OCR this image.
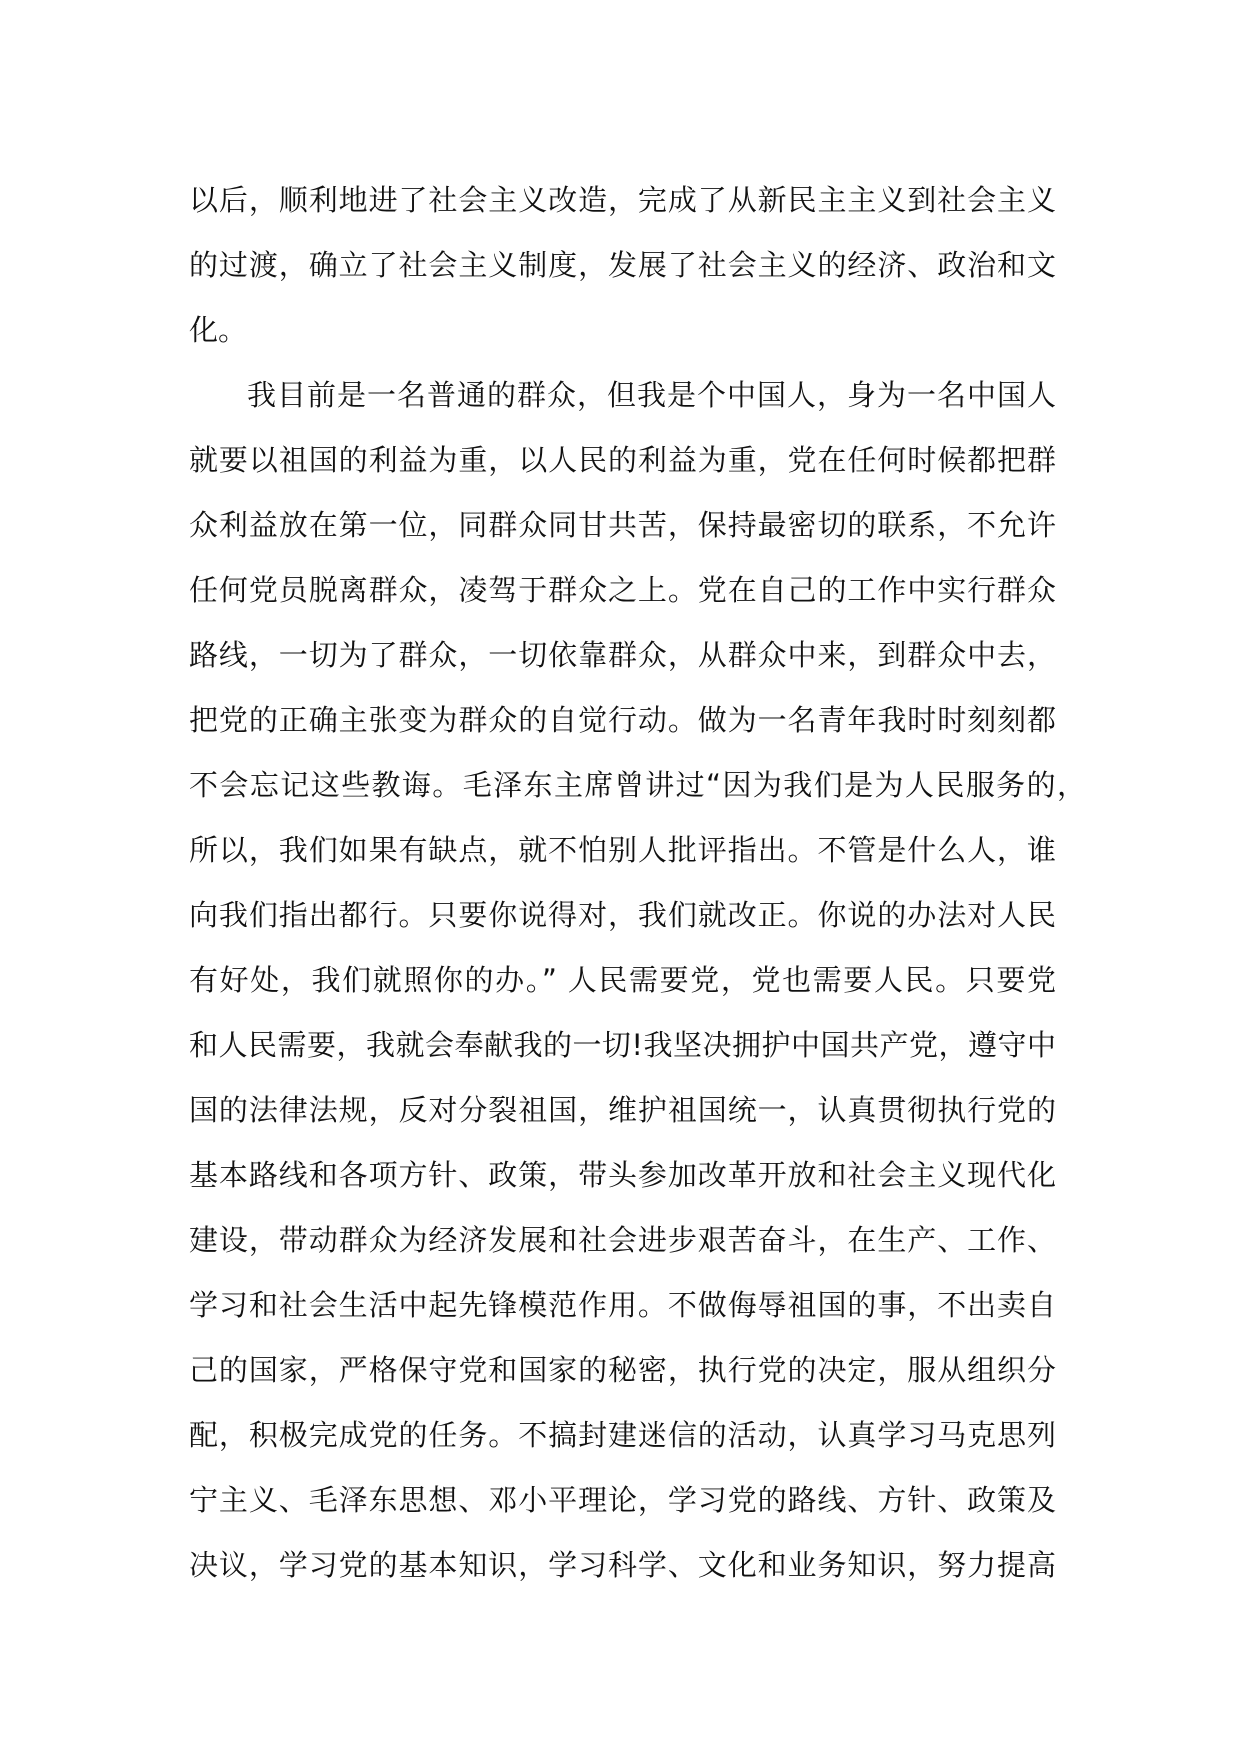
以后，顺利地进了社会主义改造，完成了从新民主主义到社会主义
的过渡，确立了社会主义制度，发展了社会主义的经济、政治和文
化。
我目前是一名普通的群众，但我是个中国人，身为一名中国人
就要以祖国的利益为重，以人民的利益为重，党在任何时候都把群
众利益放在第一位，同群众同甘共苦，保持最密切的联系，不允许
任何党员脱离群众，凌驾于群众之上。党在自己的工作中实行群众
路线，一切为了群众，一切依靠群众，从群众中来，到群众中去，
把党的正确主张变为群众的自觉行动。做为一名青年我时时刻刻都
不会忘记这些教诲。毛泽东主席曾讲过“因为我们是为人民服务的，
所以，我们如果有缺点，就不怕别人批评指出。不管是什么人，谁
向我们指出都行。只要你说得对，我们就改正。你说的办法对人民
有好处，我们就照你的办。” 人民需要党，党也需要人民。只要党
和人民需要，我就会奉献我的一切!我坚决拥护中国共产党，遵守中
国的法律法规，反对分裂祖国，维护祖国统一，认真贯彻执行党的
基本路线和各项方针、政策，带头参加改革开放和社会主义现代化
建设，带动群众为经济发展和社会进步艰苦奋斗，在生产、工作、
学习和社会生活中起先锋模范作用。不做侮辱祖国的事，不出卖自
己的国家，严格保守党和国家的秘密，执行党的决定，服从组织分
配，积极完成党的任务。不搞封建迷信的活动，认真学习马克思列
宁主义、毛泽东思想、邓小平理论，学习党的路线、方针、政策及
决议，学习党的基本知识，学习科学、文化和业务知识，努力提高
